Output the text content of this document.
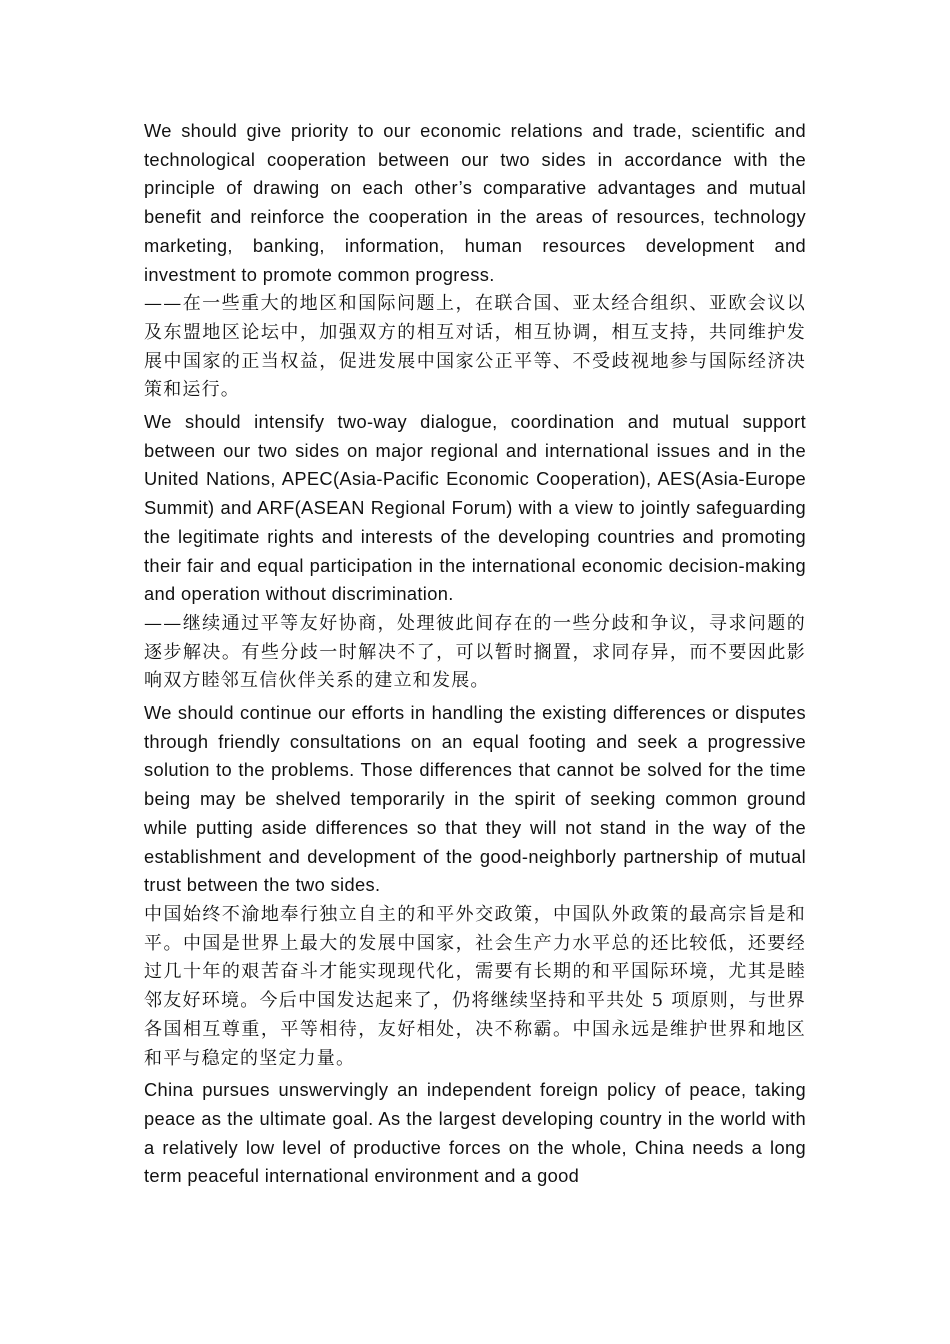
We should give priority to our economic relations and trade, scientific and technological cooperation between our two sides in accordance with the principle of drawing on each other’s comparative advantages and mutual benefit and reinforce the cooperation in the areas of resources, technology marketing, banking, information, human resources development and investment to promote common progress.

——在一些重大的地区和国际问题上，在联合国、亚太经合组织、亚欧会议以及东盟地区论坛中，加强双方的相互对话，相互协调，相互支持，共同维护发展中国家的正当权益，促进发展中国家公正平等、不受歧视地参与国际经济决策和运行。

We should intensify two-way dialogue, coordination and mutual support between our two sides on major regional and international issues and in the United Nations, APEC(Asia-Pacific Economic Cooperation), AES(Asia-Europe Summit) and ARF(ASEAN Regional Forum) with a view to jointly safeguarding the legitimate rights and interests of the developing countries and promoting their fair and equal participation in the international economic decision-making and operation without discrimination.

——继续通过平等友好协商，处理彼此间存在的一些分歧和争议，寻求问题的逐步解决。有些分歧一时解决不了，可以暂时搁置，求同存异，而不要因此影响双方睦邻互信伙伴关系的建立和发展。

We should continue our efforts in handling the existing differences or disputes through friendly consultations on an equal footing and seek a progressive solution to the problems. Those differences that cannot be solved for the time being may be shelved temporarily in the spirit of seeking common ground while putting aside differences so that they will not stand in the way of the establishment and development of the good-neighborly partnership of mutual trust between the two sides.

中国始终不渝地奉行独立自主的和平外交政策，中国队外政策的最高宗旨是和平。中国是世界上最大的发展中国家，社会生产力水平总的还比较低，还要经过几十年的艰苦奋斗才能实现现代化，需要有长期的和平国际环境，尤其是睦邻友好环境。今后中国发达起来了，仍将继续坚持和平共处 5 项原则，与世界各国相互尊重，平等相待，友好相处，决不称霸。中国永远是维护世界和地区和平与稳定的坚定力量。

China pursues unswervingly an independent foreign policy of peace, taking peace as the ultimate goal. As the largest developing country in the world with a relatively low level of productive forces on the whole, China needs a long term peaceful international environment and a good
